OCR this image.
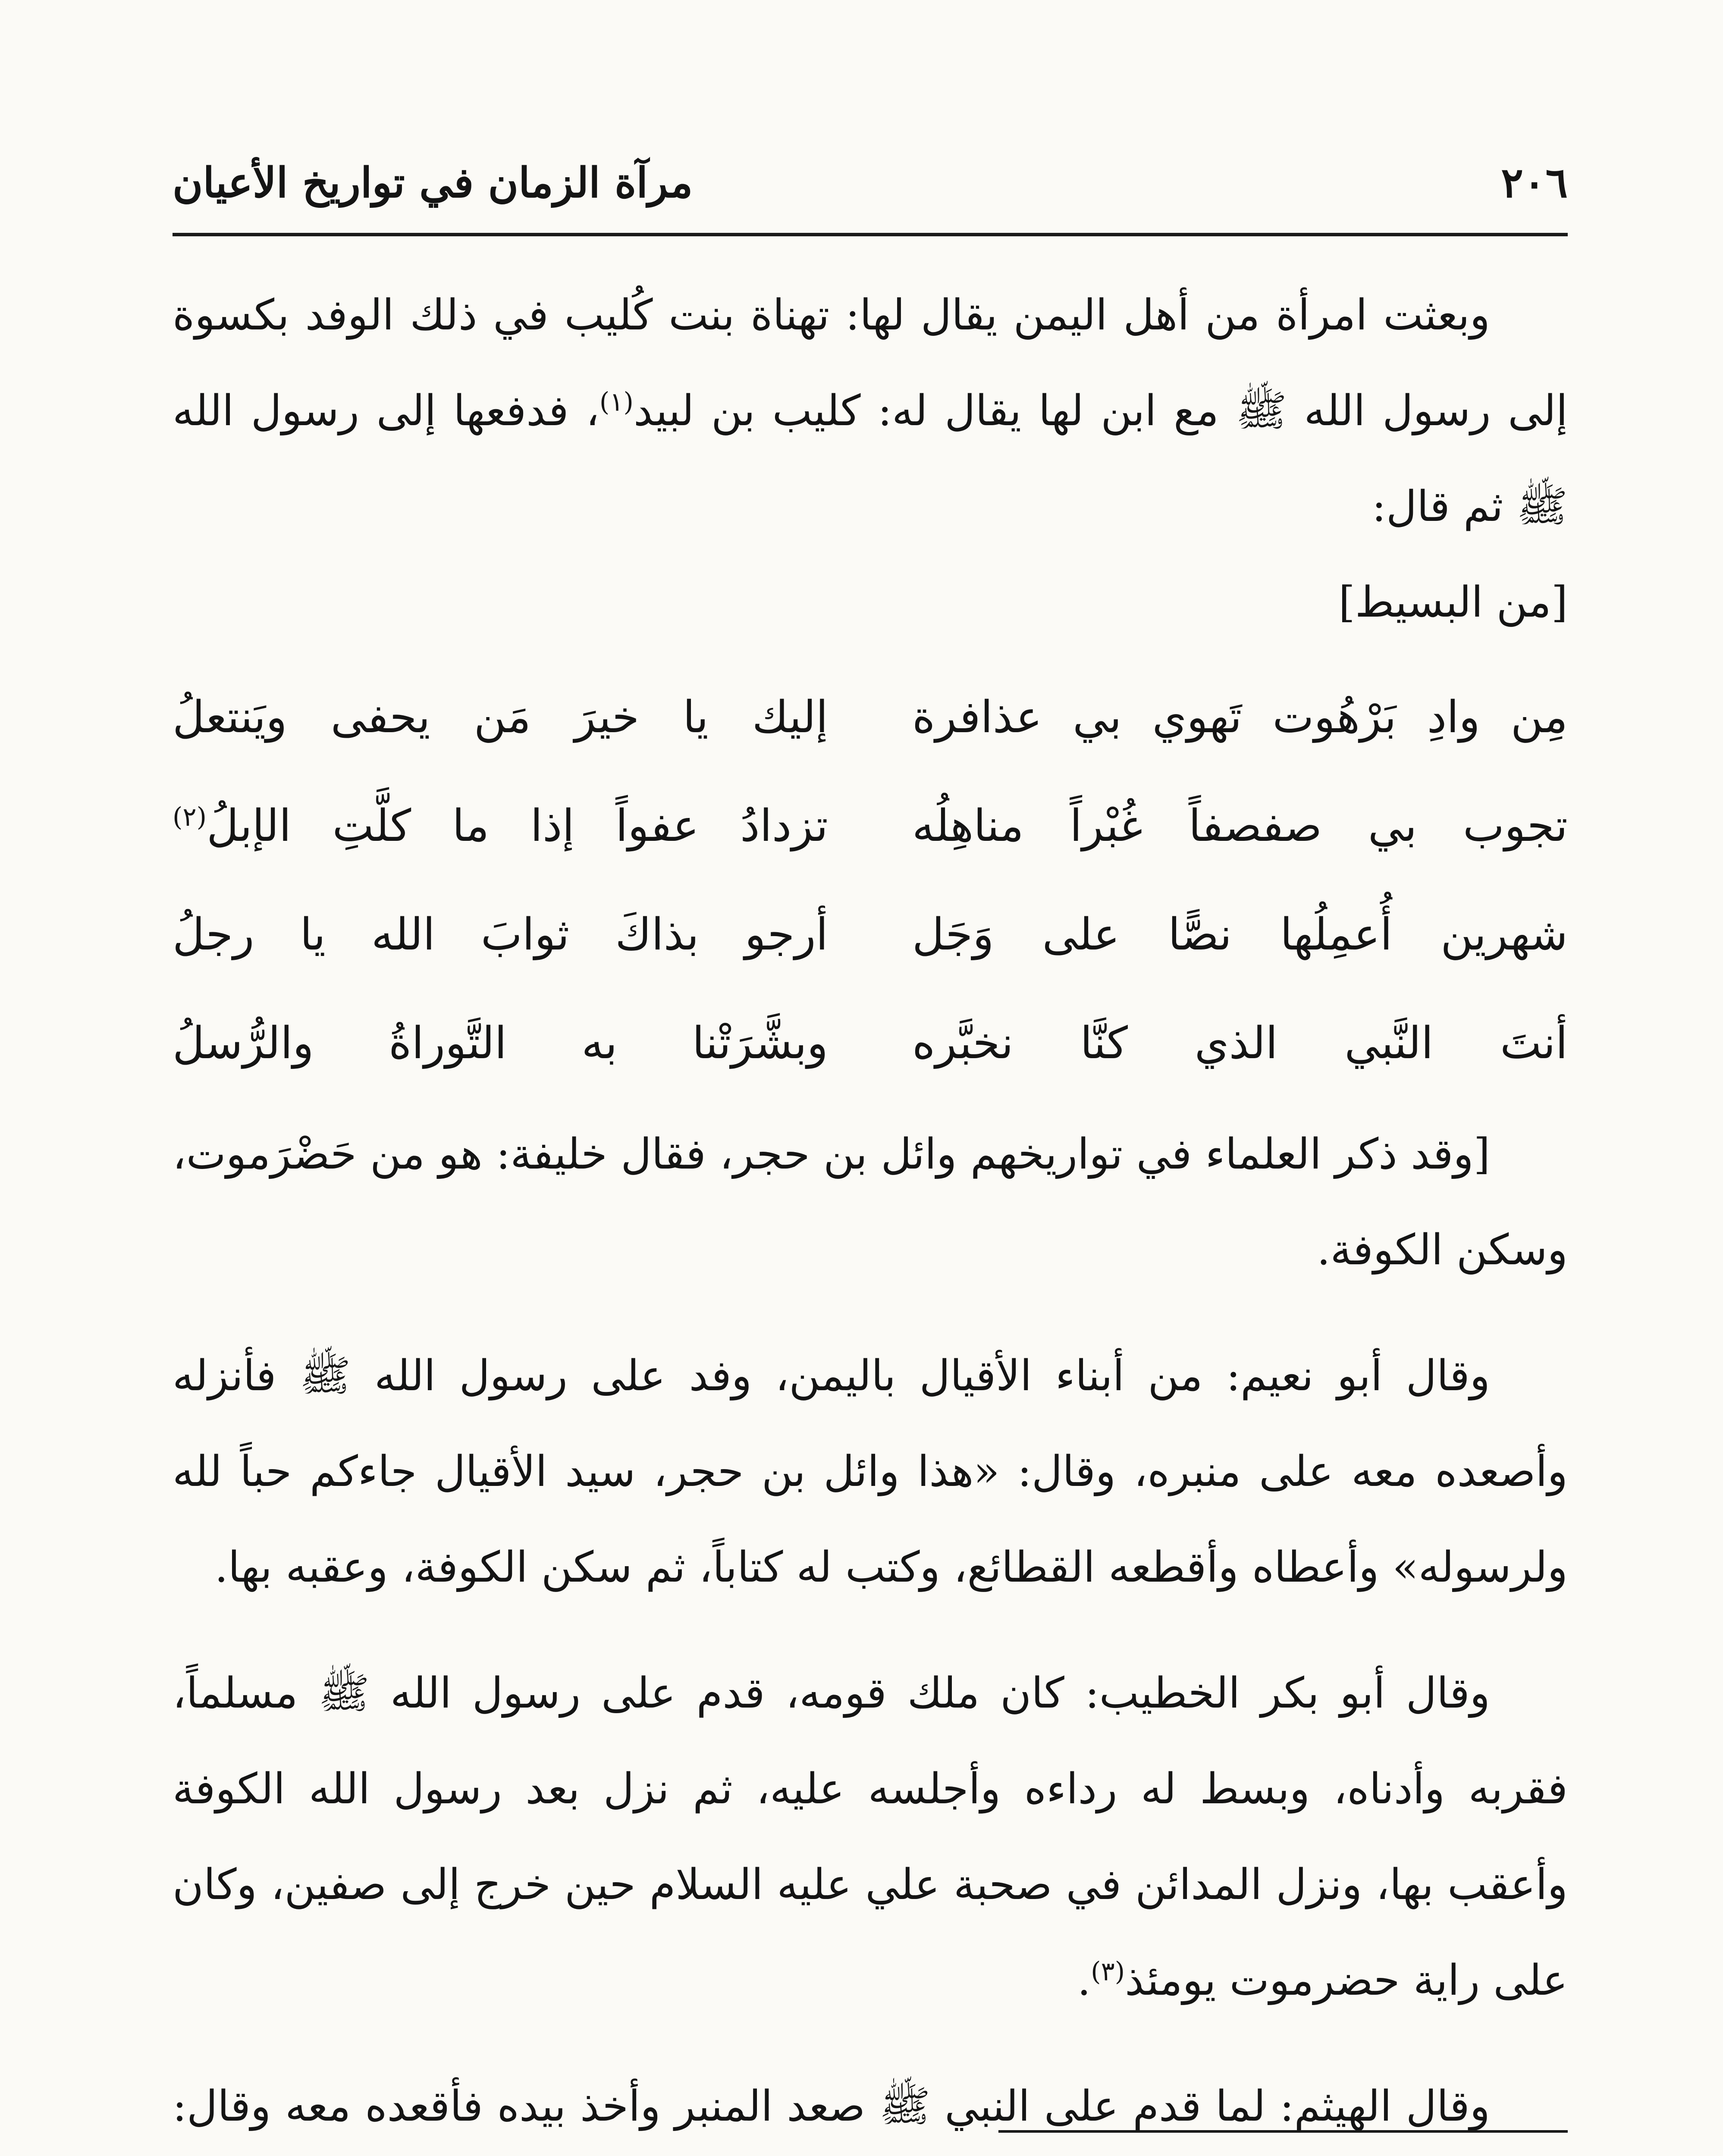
٢٠٦
مرآة الزمان في تواريخ الأعيان

وبعثت امرأة من أهل اليمن يقال لها: تهناة بنت كُليب في ذلك الوفد بكسوة إلى رسول الله ﷺ مع ابن لها يقال له: كليب بن لبيد$^{(١)}$، فدفعها إلى رسول الله ﷺ ثم قال:
[من البسيط]

مِن وادِ بَرْهُوت تَهوي بي عذافرة
إليك يا خيرَ مَن يحفى ويَنتعلُ
تجوب بي صفصفاً غُبْراً مناهِلُه
تزدادُ عفواً إذا ما كلَّتِ الإبلُ$^{(٢)}$
شهرين أُعمِلُها نصًّا على وَجَل
أرجو بذاكَ ثوابَ الله يا رجلُ
أنتَ النَّبي الذي كنَّا نخبَّره
وبشَّرَتْنا به التَّوراةُ والرُّسلُ

[وقد ذكر العلماء في تواريخهم وائل بن حجر، فقال خليفة: هو من حَضْرَموت، وسكن الكوفة.

وقال أبو نعيم: من أبناء الأقيال باليمن، وفد على رسول الله ﷺ فأنزله وأصعده معه على منبره، وقال: «هذا وائل بن حجر، سيد الأقيال جاءكم حباً لله ولرسوله» وأعطاه وأقطعه القطائع، وكتب له كتاباً، ثم سكن الكوفة، وعقبه بها.

وقال أبو بكر الخطيب: كان ملك قومه، قدم على رسول الله ﷺ مسلماً، فقربه وأدناه، وبسط له رداءه وأجلسه عليه، ثم نزل بعد رسول الله الكوفة وأعقب بها، ونزل المدائن في صحبة علي عليه السلام حين خرج إلى صفين، وكان على راية حضرموت يومئذ$^{(٣)}$.

وقال الهيثم: لما قدم على النبي ﷺ صعد المنبر وأخذ بيده فأقعده معه وقال:
